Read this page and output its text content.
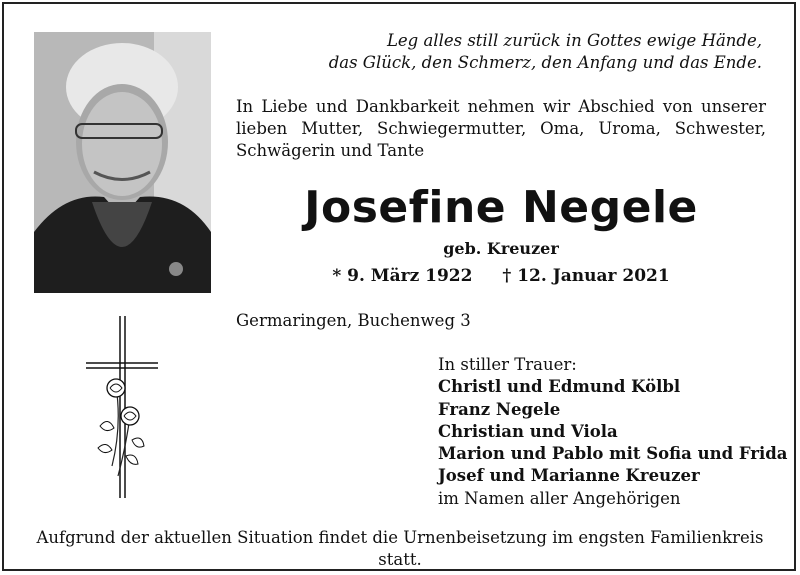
Leg alles still zurück in Gottes ewige Hände,
das Glück, den Schmerz, den Anfang und das Ende.
In Liebe und Dankbarkeit nehmen wir Abschied von unserer
lieben Mutter, Schwiegermutter, Oma, Uroma, Schwester,
Schwägerin und Tante
Josefine Negele
geb. Kreuzer
* 9. März 1922 † 12. Januar 2021
Germaringen, Buchenweg 3
In stiller Trauer:
Christl und Edmund Kölbl
Franz Negele
Christian und Viola
Marion und Pablo mit Sofia und Frida
Josef und Marianne Kreuzer
im Namen aller Angehörigen
Aufgrund der aktuellen Situation findet die Urnenbeisetzung im engsten Familienkreis statt.
